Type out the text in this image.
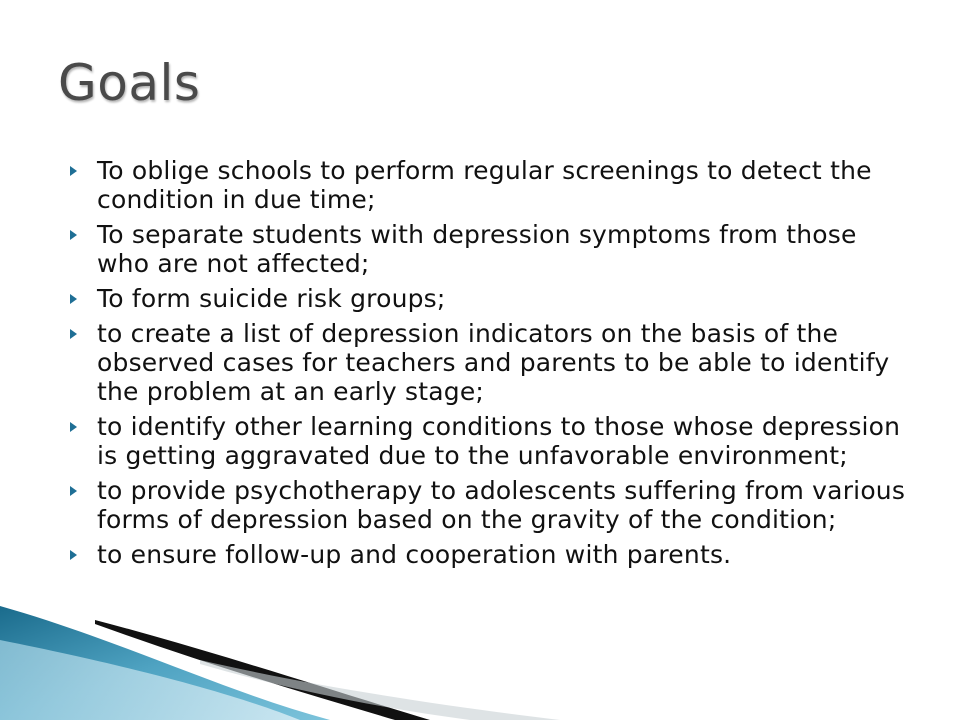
Goals
To oblige schools to perform regular screenings to detect the condition in due time;
To separate students with depression symptoms from those who are not affected;
To form suicide risk groups;
to create a list of depression indicators on the basis of the observed cases for teachers and parents to be able to identify the problem at an early stage;
to identify other learning conditions to those whose depression is getting aggravated due to the unfavorable environment;
to provide psychotherapy to adolescents suffering from various forms of depression based on the gravity of the condition;
to ensure follow-up and cooperation with parents.
